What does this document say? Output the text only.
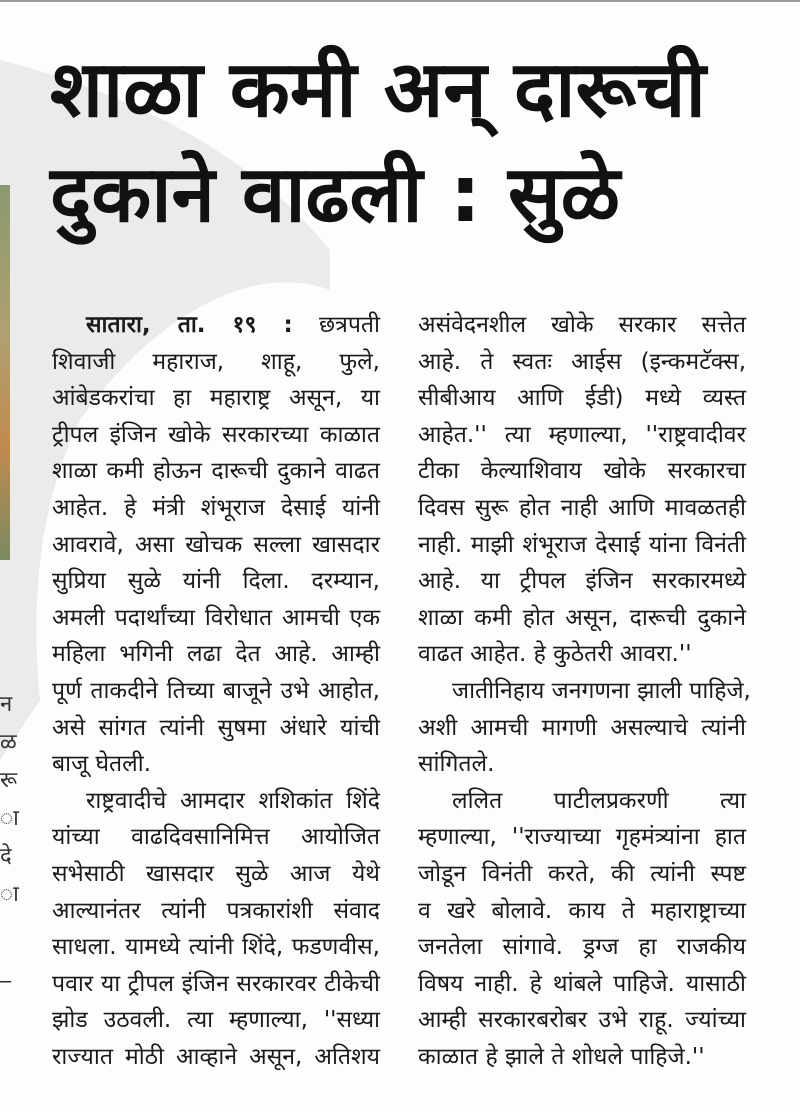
शाळा कमी अन् दारूची
दुकाने वाढली : सुळे
सातारा, ता. १९ : छत्रपती
शिवाजी महाराज, शाहू, फुले,
आंबेडकरांचा हा महाराष्ट्र असून, या
ट्रीपल इंजिन खोके सरकारच्या काळात
शाळा कमी होऊन दारूची दुकाने वाढत
आहेत. हे मंत्री शंभूराज देसाई यांनी
आवरावे, असा खोचक सल्ला खासदार
सुप्रिया सुळे यांनी दिला. दरम्यान,
अमली पदार्थांच्या विरोधात आमची एक
महिला भगिनी लढा देत आहे. आम्ही
पूर्ण ताकदीने तिच्या बाजूने उभे आहोत,
असे सांगत त्यांनी सुषमा अंधारे यांची
बाजू घेतली.
राष्ट्रवादीचे आमदार शशिकांत शिंदे
यांच्या वाढदिवसानिमित्त आयोजित
सभेसाठी खासदार सुळे आज येथे
आल्यानंतर त्यांनी पत्रकारांशी संवाद
साधला. यामध्ये त्यांनी शिंदे, फडणवीस,
पवार या ट्रीपल इंजिन सरकारवर टीकेची
झोड उठवली. त्या म्हणाल्या, ''सध्या
राज्यात मोठी आव्हाने असून, अतिशय
असंवेदनशील खोके सरकार सत्तेत
आहे. ते स्वतः आईस (इन्कमटॅक्स,
सीबीआय आणि ईडी) मध्ये व्यस्त
आहेत.'' त्या म्हणाल्या, ''राष्ट्रवादीवर
टीका केल्याशिवाय खोके सरकारचा
दिवस सुरू होत नाही आणि मावळतही
नाही. माझी शंभूराज देसाई यांना विनंती
आहे. या ट्रीपल इंजिन सरकारमध्ये
शाळा कमी होत असून, दारूची दुकाने
वाढत आहेत. हे कुठेतरी आवरा.''
जातीनिहाय जनगणना झाली पाहिजे,
अशी आमची मागणी असल्याचे त्यांनी
सांगितले.
ललित पाटीलप्रकरणी त्या
म्हणाल्या, ''राज्याच्या गृहमंत्र्यांना हात
जोडून विनंती करते, की त्यांनी स्पष्ट
व खरे बोलावे. काय ते महाराष्ट्राच्या
जनतेला सांगावे. ड्रग्ज हा राजकीय
विषय नाही. हे थांबले पाहिजे. यासाठी
आम्ही सरकारबरोबर उभे राहू. ज्यांच्या
काळात हे झाले ते शोधले पाहिजे.''
न
ळ
रू
ा
दे
ा
_
